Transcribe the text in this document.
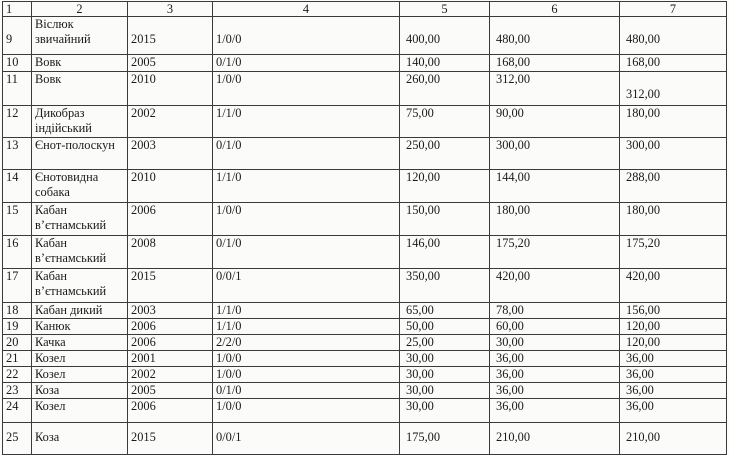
1	2	3	4	5	6	7

9	Віслюк звичайний	2015	1/0/0	400,00	480,00	480,00
10	Вовк	2005	0/1/0	140,00	168,00	168,00
11	Вовк	2010	1/0/0	260,00	312,00	312,00
12	Дикобраз індійський	2002	1/1/0	75,00	90,00	180,00
13	Єнот-полоскун	2003	0/1/0	250,00	300,00	300,00
14	Єнотовидна собака	2010	1/1/0	120,00	144,00	288,00
15	Кабан в’єтнамський	2006	1/0/0	150,00	180,00	180,00
16	Кабан в’єтнамський	2008	0/1/0	146,00	175,20	175,20
17	Кабан в’єтнамський	2015	0/0/1	350,00	420,00	420,00
18	Кабан дикий	2003	1/1/0	65,00	78,00	156,00
19	Канюк	2006	1/1/0	50,00	60,00	120,00
20	Качка	2006	2/2/0	25,00	30,00	120,00
21	Козел	2001	1/0/0	30,00	36,00	36,00
22	Козел	2002	1/0/0	30,00	36,00	36,00
23	Коза	2005	0/1/0	30,00	36,00	36,00
24	Козел	2006	1/0/0	30,00	36,00	36,00

25	Коза	2015	0/0/1	175,00	210,00	210,00
